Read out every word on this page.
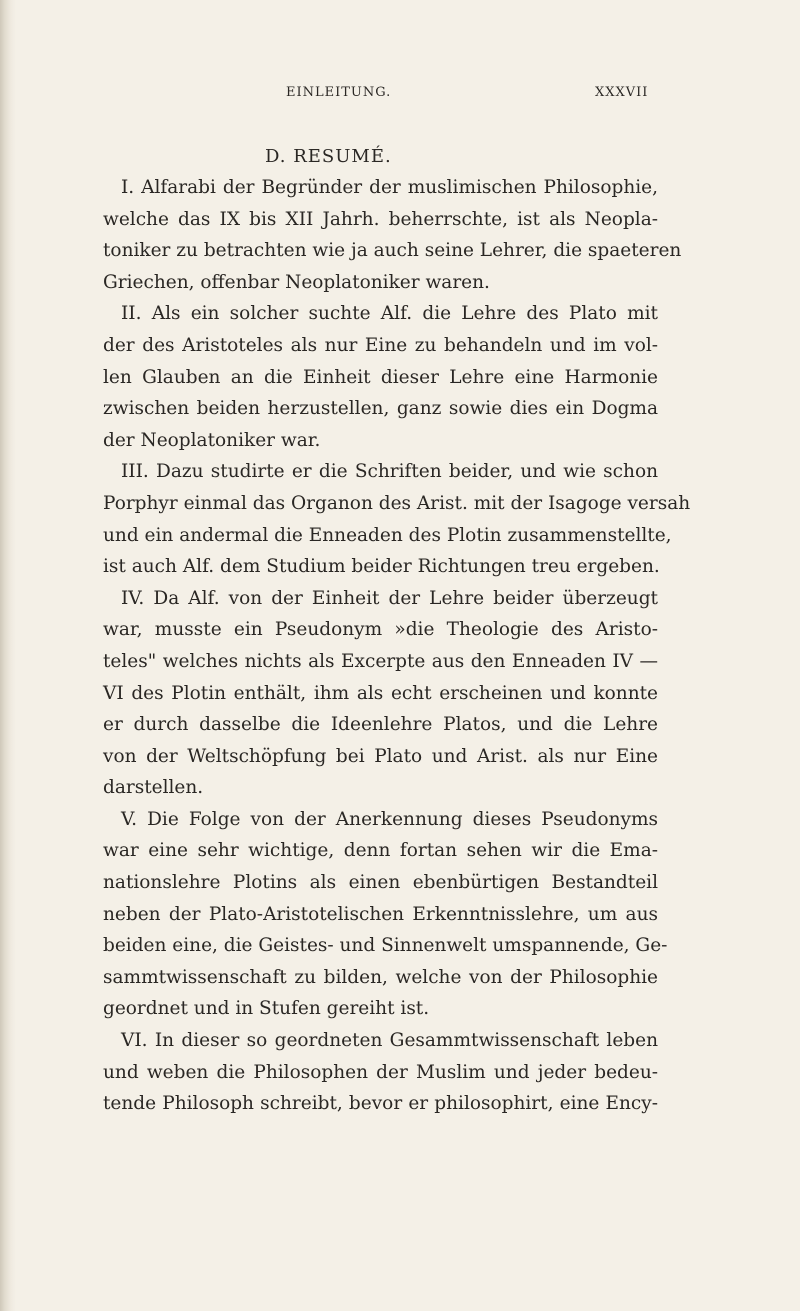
EINLEITUNG.	XXXVII
D. RESUMÉ.
I. Alfarabi der Begründer der muslimischen Philosophie,
welche das IX bis XII Jahrh. beherrschte, ist als Neopla-
toniker zu betrachten wie ja auch seine Lehrer, die spaeteren
Griechen, offenbar Neoplatoniker waren.
II. Als ein solcher suchte Alf. die Lehre des Plato mit
der des Aristoteles als nur Eine zu behandeln und im vol-
len Glauben an die Einheit dieser Lehre eine Harmonie
zwischen beiden herzustellen, ganz sowie dies ein Dogma
der Neoplatoniker war.
III. Dazu studirte er die Schriften beider, und wie schon
Porphyr einmal das Organon des Arist. mit der Isagoge versah
und ein andermal die Enneaden des Plotin zusammenstellte,
ist auch Alf. dem Studium beider Richtungen treu ergeben.
IV. Da Alf. von der Einheit der Lehre beider überzeugt
war, musste ein Pseudonym »die Theologie des Aristo-
teles" welches nichts als Excerpte aus den Enneaden IV —
VI des Plotin enthält, ihm als echt erscheinen und konnte
er durch dasselbe die Ideenlehre Platos, und die Lehre
von der Weltschöpfung bei Plato und Arist. als nur Eine
darstellen.
V. Die Folge von der Anerkennung dieses Pseudonyms
war eine sehr wichtige, denn fortan sehen wir die Ema-
nationslehre Plotins als einen ebenbürtigen Bestandteil
neben der Plato-Aristotelischen Erkenntnisslehre, um aus
beiden eine, die Geistes- und Sinnenwelt umspannende, Ge-
sammtwissenschaft zu bilden, welche von der Philosophie
geordnet und in Stufen gereiht ist.
VI. In dieser so geordneten Gesammtwissenschaft leben
und weben die Philosophen der Muslim und jeder bedeu-
tende Philosoph schreibt, bevor er philosophirt, eine Ency-
